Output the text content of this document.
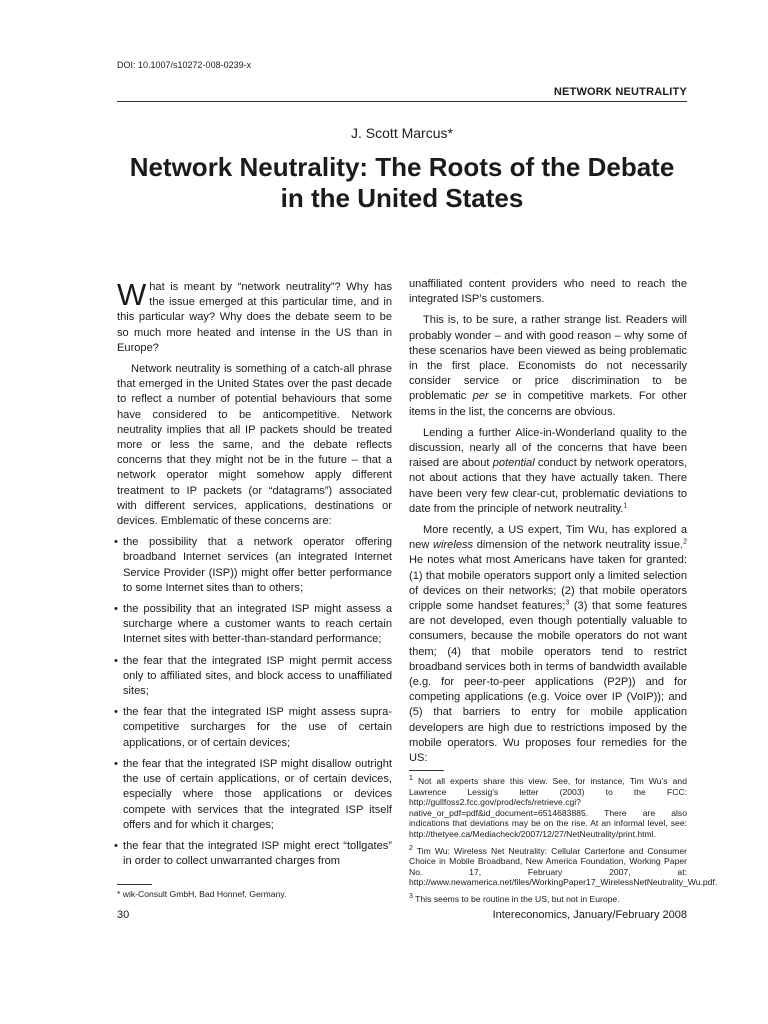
DOI: 10.1007/s10272-008-0239-x
NETWORK NEUTRALITY
J. Scott Marcus*
Network Neutrality: The Roots of the Debate in the United States

What is meant by “network neutrality”? Why has the issue emerged at this particular time, and in this particular way? Why does the debate seem to be so much more heated and intense in the US than in Europe?

Network neutrality is something of a catch-all phrase that emerged in the United States over the past decade to reflect a number of potential behaviours that some have considered to be anticompetitive. Network neutrality implies that all IP packets should be treated more or less the same, and the debate reflects concerns that they might not be in the future – that a network operator might somehow apply different treatment to IP packets (or “datagrams”) associated with different services, applications, destinations or devices. Emblematic of these concerns are:

• the possibility that a network operator offering broadband Internet services (an integrated Internet Service Provider (ISP)) might offer better performance to some Internet sites than to others;
• the possibility that an integrated ISP might assess a surcharge where a customer wants to reach certain Internet sites with better-than-standard performance;
• the fear that the integrated ISP might permit access only to affiliated sites, and block access to unaffiliated sites;
• the fear that the integrated ISP might assess supra-competitive surcharges for the use of certain applications, or of certain devices;
• the fear that the integrated ISP might disallow outright the use of certain applications, or of certain devices, especially where those applications or devices compete with services that the integrated ISP itself offers and for which it charges;
• the fear that the integrated ISP might erect “tollgates” in order to collect unwarranted charges from

unaffiliated content providers who need to reach the integrated ISP’s customers.

This is, to be sure, a rather strange list. Readers will probably wonder – and with good reason – why some of these scenarios have been viewed as being problematic in the first place. Economists do not necessarily consider service or price discrimination to be problematic per se in competitive markets. For other items in the list, the concerns are obvious.

Lending a further Alice-in-Wonderland quality to the discussion, nearly all of the concerns that have been raised are about potential conduct by network operators, not about actions that they have actually taken. There have been very few clear-cut, problematic deviations to date from the principle of network neutrality.$^1$

More recently, a US expert, Tim Wu, has explored a new wireless dimension of the network neutrality issue.$^2$ He notes what most Americans have taken for granted: (1) that mobile operators support only a limited selection of devices on their networks; (2) that mobile operators cripple some handset features;$^3$ (3) that some features are not developed, even though potentially valuable to consumers, because the mobile operators do not want them; (4) that mobile operators tend to restrict broadband services both in terms of bandwidth available (e.g. for peer-to-peer applications (P2P)) and for competing applications (e.g. Voice over IP (VoIP)); and (5) that barriers to entry for mobile application developers are high due to restrictions imposed by the mobile operators. Wu proposes four remedies for the US:

* wik-Consult GmbH, Bad Honnef, Germany.

$^1$ Not all experts share this view. See, for instance, Tim Wu’s and Lawrence Lessig’s letter (2003) to the FCC: http://gullfoss2.fcc.gov/prod/ecfs/retrieve.cgi?native_or_pdf=pdf&id_document=6514683885. There are also indications that deviations may be on the rise. At an informal level, see: http://thetyee.ca/Mediacheck/2007/12/27/NetNeutrality/print.html.

$^2$ Tim Wu: Wireless Net Neutrality: Cellular Carterfone and Consumer Choice in Mobile Broadband, New America Foundation, Working Paper No. 17, February 2007, at: http://www.newamerica.net/files/WorkingPaper17_WirelessNetNeutrality_Wu.pdf.

$^3$ This seems to be routine in the US, but not in Europe.

30	Intereconomics, January/February 2008
